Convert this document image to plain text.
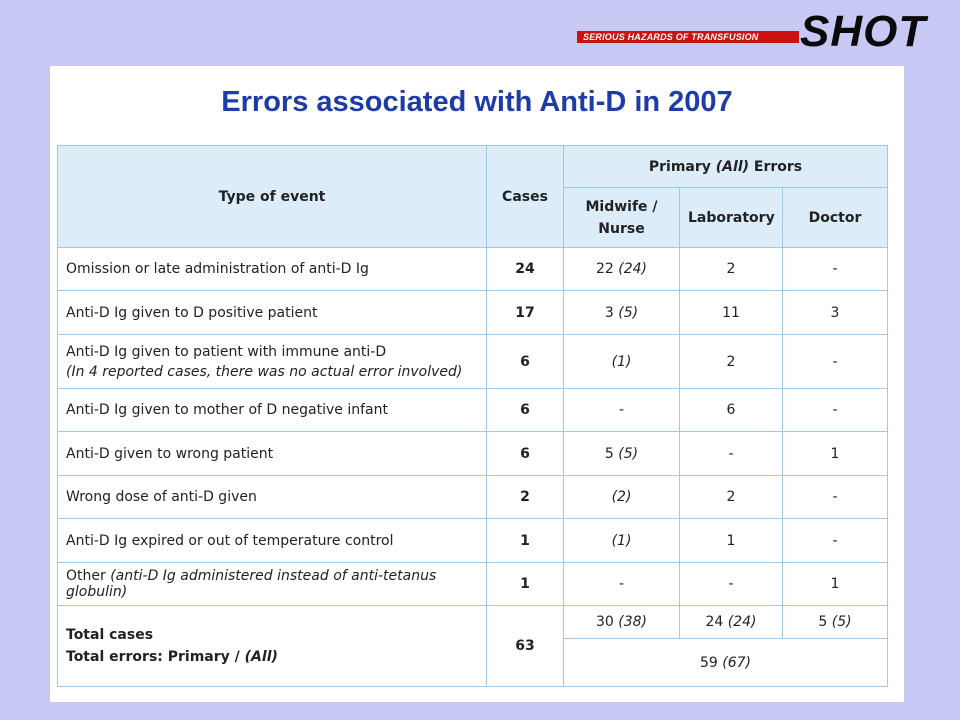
SERIOUS HAZARDS OF TRANSFUSION SHOT
Errors associated with Anti-D in 2007
Type of event	Cases	Primary (All) Errors		
		Midwife / Nurse	Laboratory	Doctor
Omission or late administration of anti-D Ig	24	22 (24)	2	-
Anti-D Ig given to D positive patient	17	3 (5)	11	3
Anti-D Ig given to patient with immune anti-D
(In 4 reported cases, there was no actual error involved)	6	(1)	2	-
Anti-D Ig given to mother of D negative infant	6	-	6	-
Anti-D given to wrong patient	6	5 (5)	-	1
Wrong dose of anti-D given	2	(2)	2	-
Anti-D Ig expired or out of temperature control	1	(1)	1	-
Other (anti-D Ig administered instead of anti-tetanus globulin)	1	-	-	1
Total cases
Total errors: Primary / (All)	63	30 (38)	24 (24)	5 (5)
		59 (67)		
